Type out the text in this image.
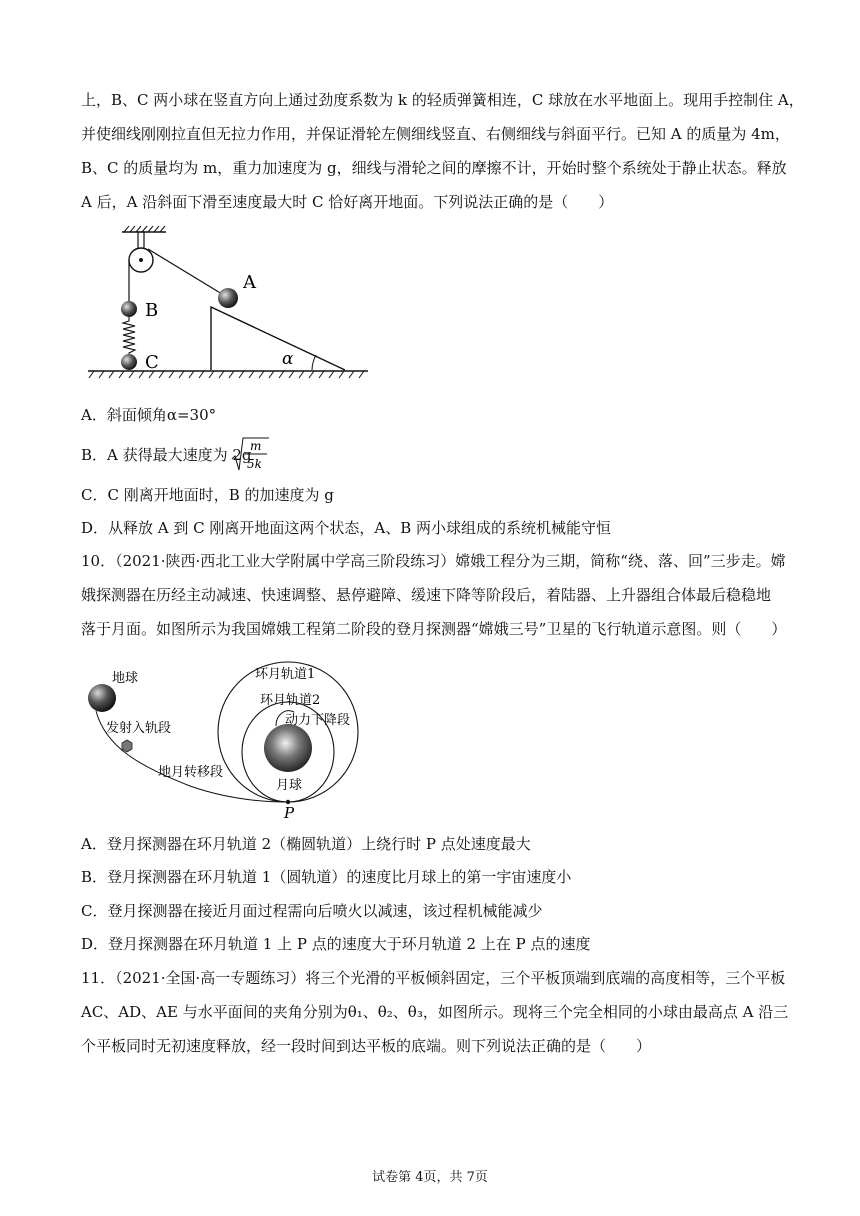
上，B、C 两小球在竖直方向上通过劲度系数为 k 的轻质弹簧相连，C 球放在水平地面上。现用手控制住 A，
并使细线刚刚拉直但无拉力作用，并保证滑轮左侧细线竖直、右侧细线与斜面平行。已知 A 的质量为 4m，
B、C 的质量均为 m，重力加速度为 g，细线与滑轮之间的摩擦不计，开始时整个系统处于静止状态。释放
A 后，A 沿斜面下滑至速度最大时 C 恰好离开地面。下列说法正确的是（　　）
A
B
C	α
A．斜面倾角α=30°
B．A 获得最大速度为 2g
m
5k
C．C 刚离开地面时，B 的加速度为 g
D．从释放 A 到 C 刚离开地面这两个状态，A、B 两小球组成的系统机械能守恒
10．（2021·陕西·西北工业大学附属中学高三阶段练习）嫦娥工程分为三期，简称“绕、落、回”三步走。嫦
娥探测器在历经主动减速、快速调整、悬停避障、缓速下降等阶段后，着陆器、上升器组合体最后稳稳地
落于月面。如图所示为我国嫦娥工程第二阶段的登月探测器“嫦娥三号”卫星的飞行轨道示意图。则（　　）
地球
发射入轨段
地月转移段
环月轨道1
环月轨道2
动力下降段
月球
P
A．登月探测器在环月轨道 2（椭圆轨道）上绕行时 P 点处速度最大
B．登月探测器在环月轨道 1（圆轨道）的速度比月球上的第一宇宙速度小
C．登月探测器在接近月面过程需向后喷火以减速，该过程机械能减少
D．登月探测器在环月轨道 1 上 P 点的速度大于环月轨道 2 上在 P 点的速度
11．（2021·全国·高一专题练习）将三个光滑的平板倾斜固定，三个平板顶端到底端的高度相等，三个平板
AC、AD、AE 与水平面间的夹角分别为θ₁、θ₂、θ₃，如图所示。现将三个完全相同的小球由最高点 A 沿三
个平板同时无初速度释放，经一段时间到达平板的底端。则下列说法正确的是（　　）
试卷第 4页，共 7页
